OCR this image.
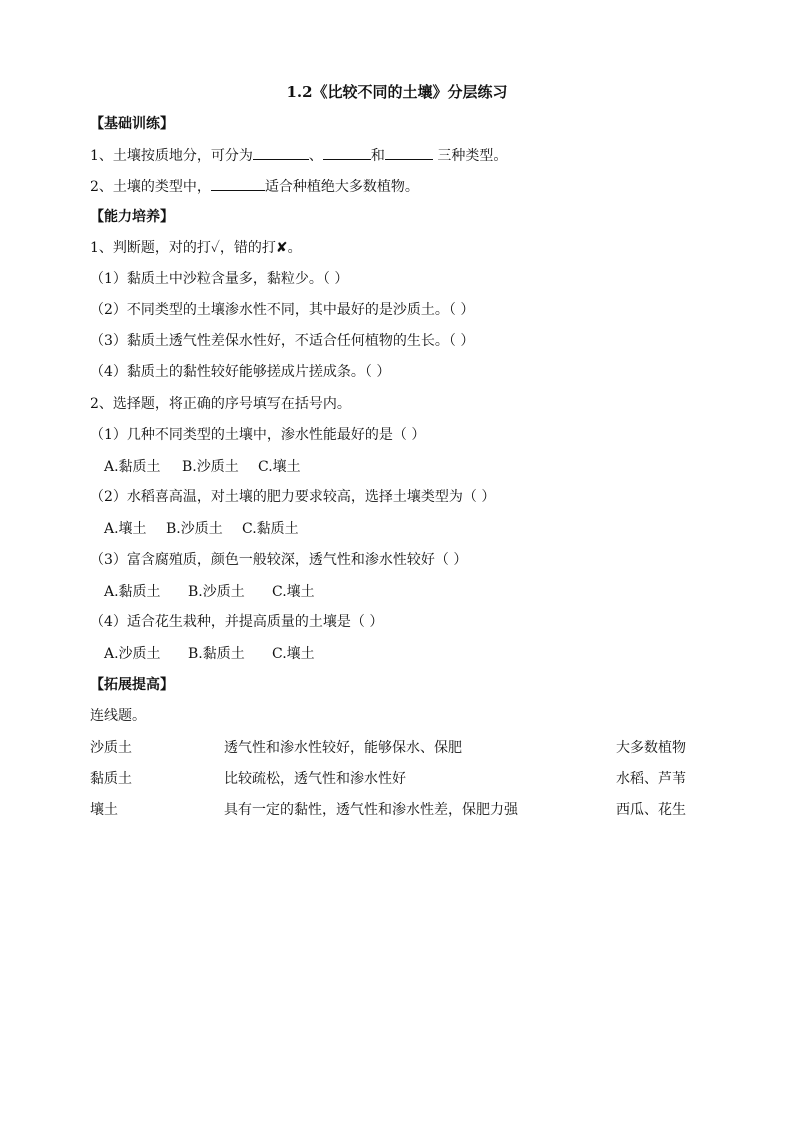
1.2《比较不同的土壤》分层练习
【基础训练】
1、土壤按质地分，可分为	、	和	三种类型。
2、土壤的类型中，	适合种植绝大多数植物。
【能力培养】
1、判断题，对的打✓，错的打✘。
（1）黏质土中沙粒含量多，黏粒少。（ ）
（2）不同类型的土壤渗水性不同，其中最好的是沙质土。（ ）
（3）黏质土透气性差保水性好，不适合任何植物的生长。（ ）
（4）黏质土的黏性较好能够搓成片搓成条。（ ）
2、选择题，将正确的序号填写在括号内。
（1）几种不同类型的土壤中，渗水性能最好的是（ ）
A.黏质土 B.沙质土 C.壤土
（2）水稻喜高温，对土壤的肥力要求较高，选择土壤类型为（ ）
A.壤土 B.沙质土 C.黏质土
（3）富含腐殖质，颜色一般较深，透气性和渗水性较好（ ）
A.黏质土 B.沙质土 C.壤土
（4）适合花生栽种，并提高质量的土壤是（ ）
A.沙质土 B.黏质土 C.壤土
【拓展提高】
连线题。
沙质土	透气性和渗水性较好，能够保水、保肥	大多数植物
黏质土	比较疏松，透气性和渗水性好	水稻、芦苇
壤土	具有一定的黏性，透气性和渗水性差，保肥力强	西瓜、花生
